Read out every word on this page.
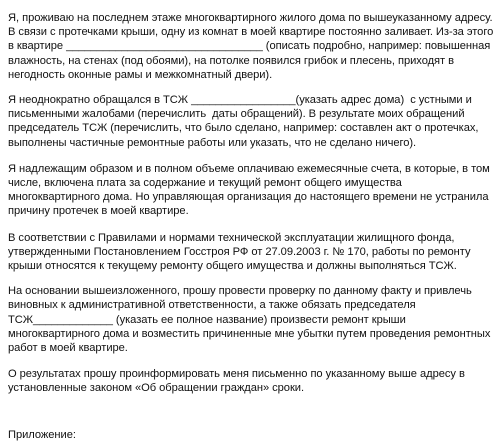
Я, проживаю на последнем этаже многоквартирного жилого дома по вышеуказанному адресу.  В связи с протечками крыши, одну из комнат в моей квартире постоянно заливает. Из-за этого в квартире ________________________________ (описать подробно, например: повышенная влажность, на стенах (под обоями), на потолке появился грибок и плесень, приходят в негодность оконные рамы и межкомнатный двери).

Я неоднократно обращался в ТСЖ _________________(указать адрес дома)  с устными и письменными жалобами (перечислить  даты обращений). В результате моих обращений председатель ТСЖ (перечислить, что было сделано, например: составлен акт о протечках, выполнены частичные ремонтные работы или указать, что не сделано ничего).

Я надлежащим образом и в полном объеме оплачиваю ежемесячные счета, в которые, в том числе, включена плата за содержание и текущий ремонт общего имущества многоквартирного дома. Но управляющая организация до настоящего времени не устранила причину протечек в моей квартире.

В соответствии с Правилами и нормами технической эксплуатации жилищного фонда, утвержденными Постановлением Госстроя РФ от 27.09.2003 г. № 170, работы по ремонту крыши относятся к текущему ремонту общего имущества и должны выполняться ТСЖ.

На основании вышеизложенного, прошу провести проверку по данному факту и привлечь виновных к административной ответственности, а также обязать председателя ТСЖ_____________ (указать ее полное название) произвести ремонт крыши многоквартирного дома и возместить причиненные мне убытки путем проведения ремонтных работ в моей квартире.

О результатах прошу проинформировать меня письменно по указанному выше адресу в установленные законом «Об обращении граждан» сроки.

Приложение:
